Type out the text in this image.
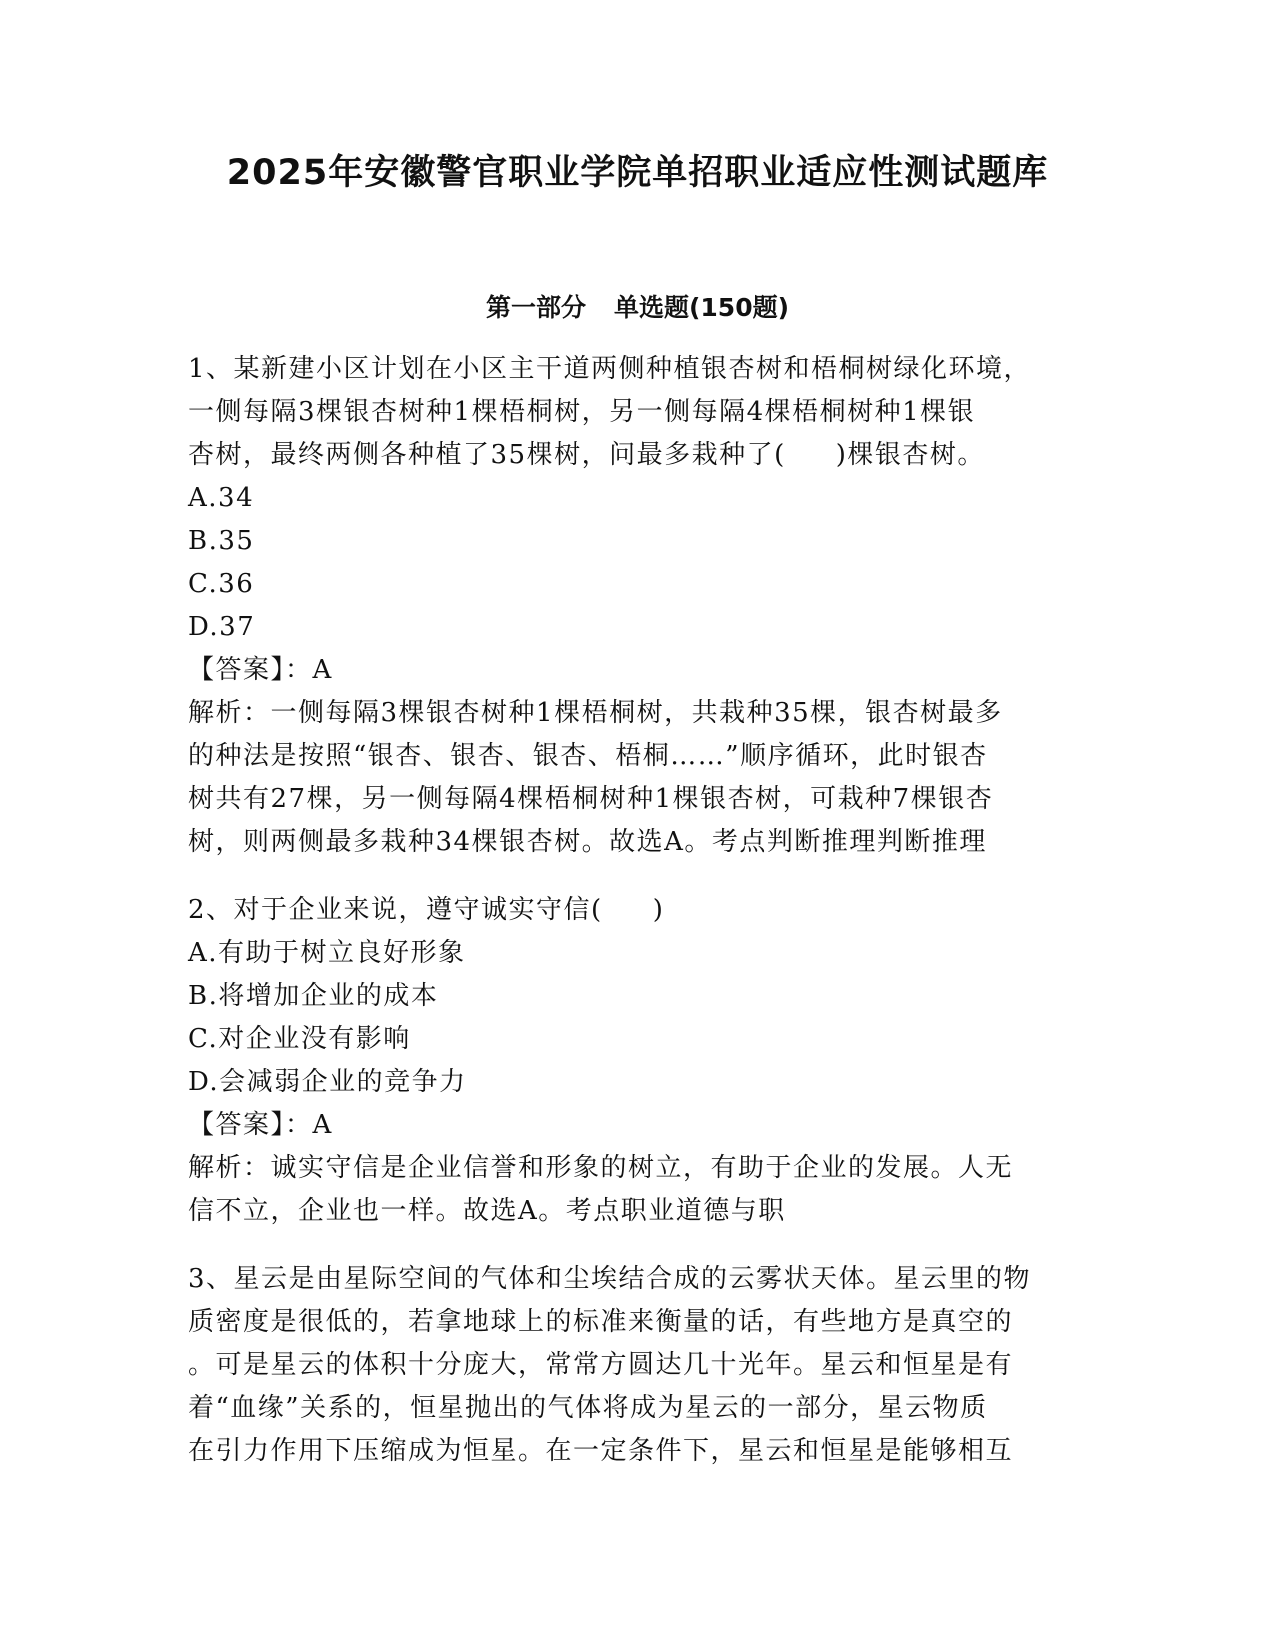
2025年安徽警官职业学院单招职业适应性测试题库
第一部分 单选题(150题)

1、某新建小区计划在小区主干道两侧种植银杏树和梧桐树绿化环境，

一侧每隔3棵银杏树种1棵梧桐树，另一侧每隔4棵梧桐树种1棵银

杏树，最终两侧各种植了35棵树，问最多栽种了( )棵银杏树。

A.34

B.35

C.36

D.37

【答案】：A

解析：一侧每隔3棵银杏树种1棵梧桐树，共栽种35棵，银杏树最多

的种法是按照“银杏、银杏、银杏、梧桐……”顺序循环，此时银杏

树共有27棵，另一侧每隔4棵梧桐树种1棵银杏树，可栽种7棵银杏

树，则两侧最多栽种34棵银杏树。故选A。考点判断推理判断推理

2、对于企业来说，遵守诚实守信( )

A.有助于树立良好形象

B.将增加企业的成本

C.对企业没有影响

D.会减弱企业的竞争力

【答案】：A

解析：诚实守信是企业信誉和形象的树立，有助于企业的发展。人无

信不立，企业也一样。故选A。考点职业道德与职

3、星云是由星际空间的气体和尘埃结合成的云雾状天体。星云里的物

质密度是很低的，若拿地球上的标准来衡量的话，有些地方是真空的

。可是星云的体积十分庞大，常常方圆达几十光年。星云和恒星是有

着“血缘”关系的，恒星抛出的气体将成为星云的一部分，星云物质

在引力作用下压缩成为恒星。在一定条件下，星云和恒星是能够相互
